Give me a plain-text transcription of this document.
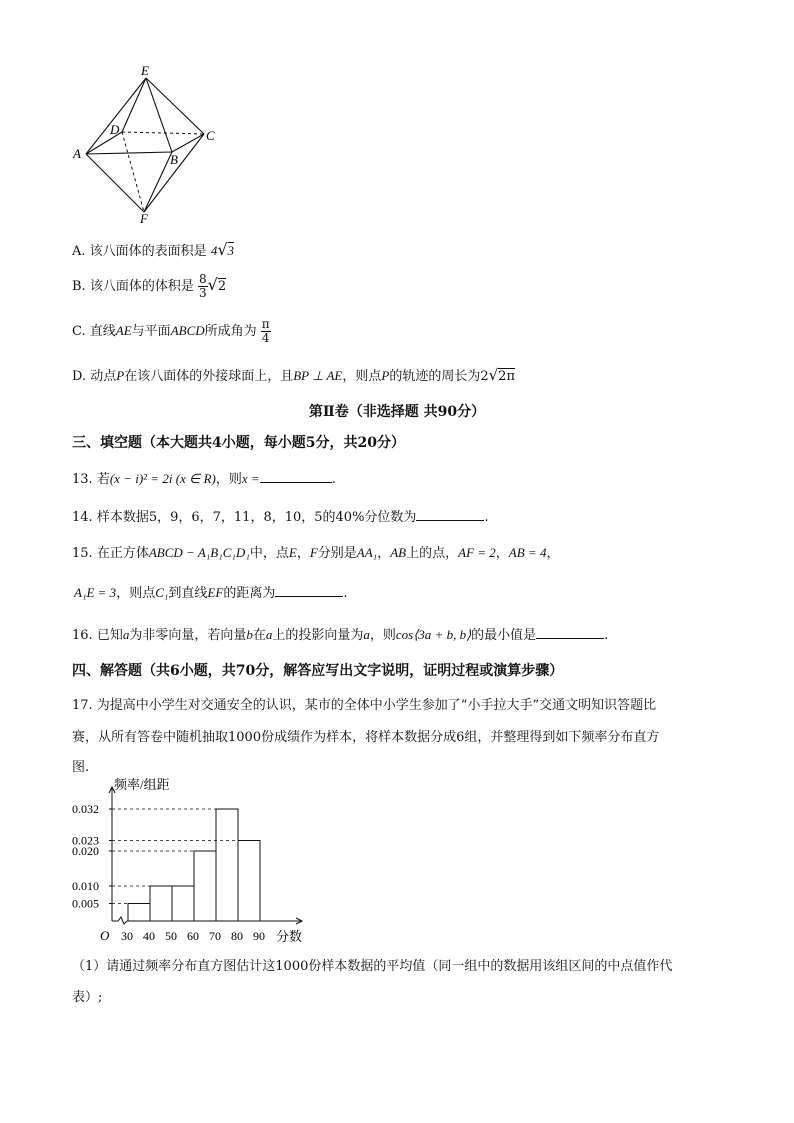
E
D	C
A	B
F
A. 该八面体的表面积是 4√3
B. 该八面体的体积是 $\frac{8}{3} √2$
C. 直线AE与平面ABCD所成角为 $\frac{\pi}{4}$
D. 动点P在该八面体的外接球面上，且BP ⊥ AE，则点P的轨迹的周长为2√2π
第Ⅱ卷（非选择题 共90分）
三、填空题（本大题共4小题，每小题5分，共20分）
13. 若(x − i)² = 2i (x ∈ R)，则x =	.
14. 样本数据5，9，6，7，11，8，10，5的40%分位数为	.
15. 在正方体ABCD − A₁B₁C₁D₁中，点E，F分别是AA₁，AB上的点，AF = 2，AB = 4，
A₁E = 3，则点C₁到直线EF的距离为	.
16. 已知a为非零向量，若向量b在a上的投影向量为a，则cos⟨3a + b, b⟩的最小值是	.
四、解答题（共6小题，共70分，解答应写出文字说明，证明过程或演算步骤）
17. 为提高中小学生对交通安全的认识，某市的全体中小学生参加了“小手拉大手”交通文明知识答题比
赛，从所有答卷中随机抽取1000份成绩作为样本，将样本数据分成6组，并整理得到如下频率分布直方
图.
频率/组距
分数
O
0.005
0.010
0.020
0.023
0.032
30 40 50 60 70 80 90
（1）请通过频率分布直方图估计这1000份样本数据的平均值（同一组中的数据用该组区间的中点值作代
表）;
